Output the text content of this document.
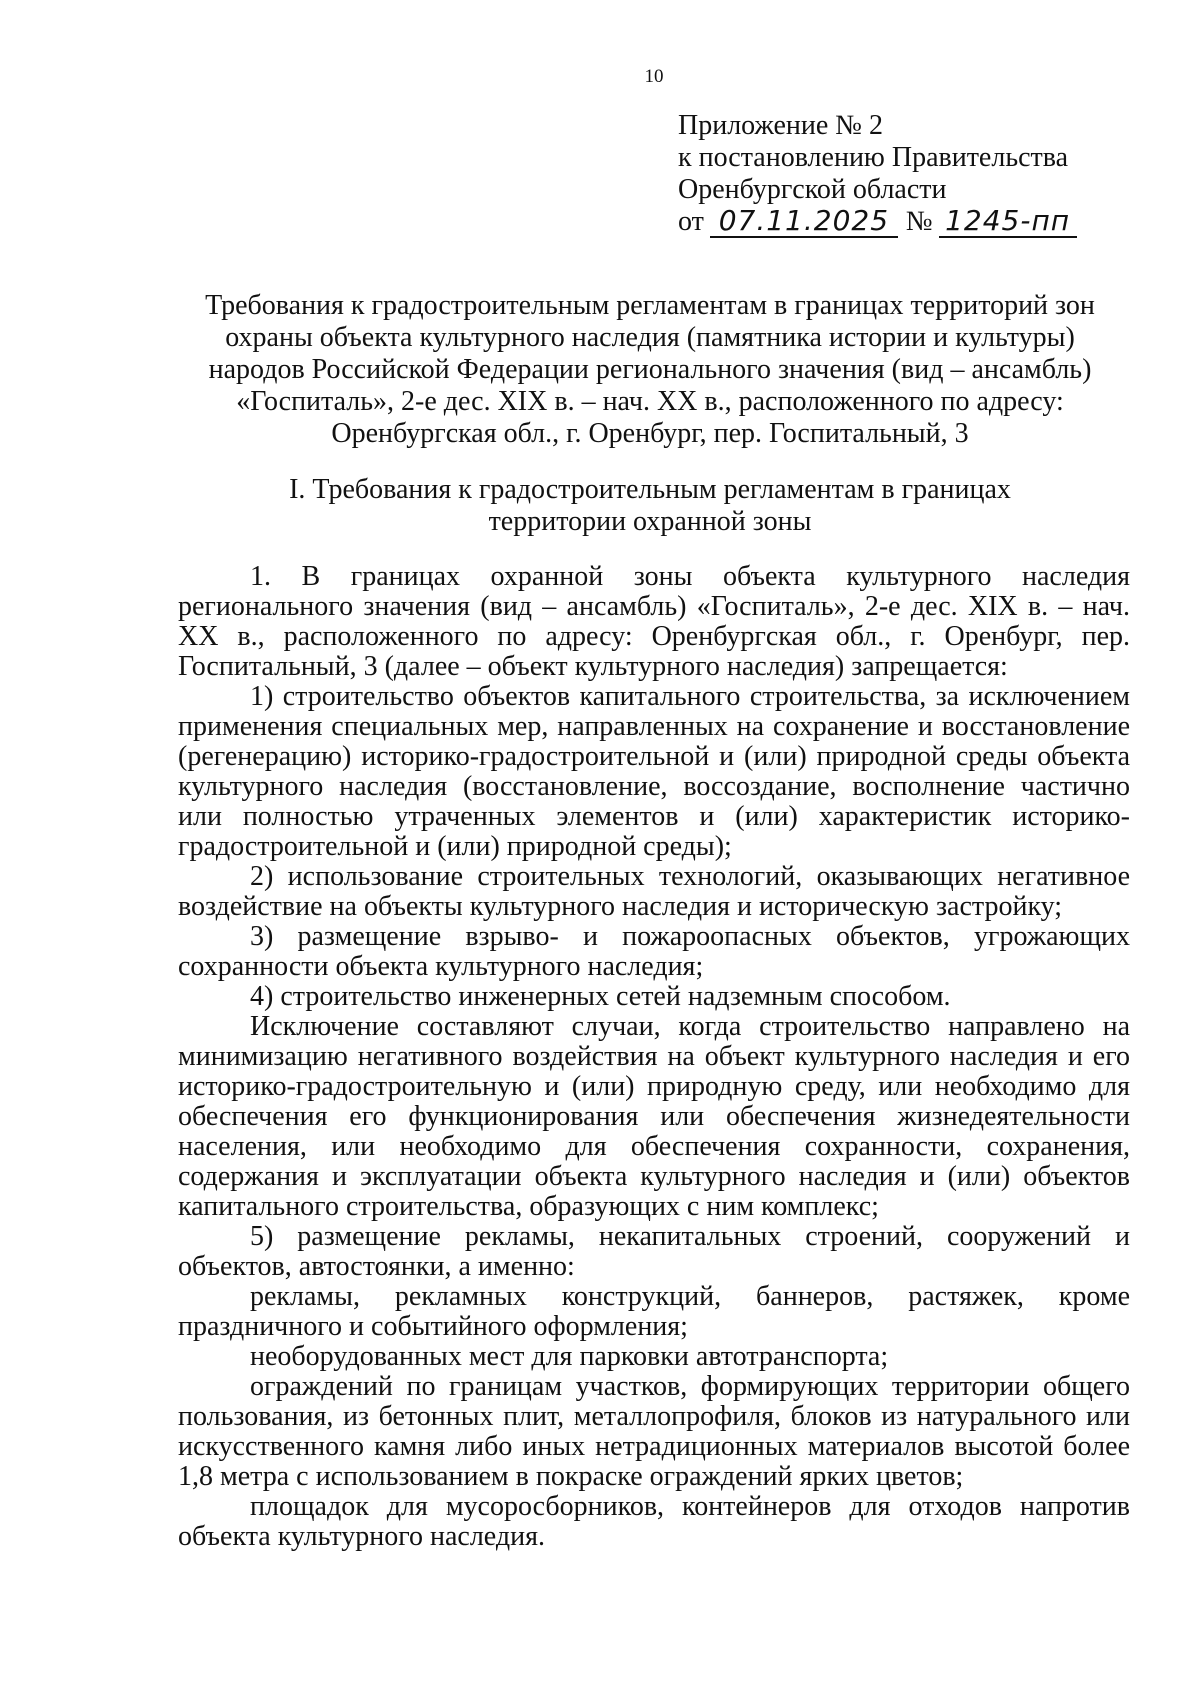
10
Приложение № 2
к постановлению Правительства
Оренбургской области
от 07.11.2025 № 1245-пп
Требования к градостроительным регламентам в границах территорий зон
охраны объекта культурного наследия (памятника истории и культуры)
народов Российской Федерации регионального значения (вид – ансамбль)
«Госпиталь», 2-е дес. XIX в. – нач. XX в., расположенного по адресу:
Оренбургская обл., г. Оренбург, пер. Госпитальный, 3
I. Требования к градостроительным регламентам в границах
территории охранной зоны

1. В границах охранной зоны объекта культурного наследия регионального значения (вид – ансамбль) «Госпиталь», 2-е дес. XIX в. – нач. XX в., расположенного по адресу: Оренбургская обл., г. Оренбург, пер. Госпитальный, 3 (далее – объект культурного наследия) запрещается:

1) строительство объектов капитального строительства, за исключением применения специальных мер, направленных на сохранение и восстановление (регенерацию) историко-градостроительной и (или) природной среды объекта культурного наследия (восстановление, воссоздание, восполнение частично или полностью утраченных элементов и (или) характеристик историко-градостроительной и (или) природной среды);

2) использование строительных технологий, оказывающих негативное воздействие на объекты культурного наследия и историческую застройку;

3) размещение взрыво- и пожароопасных объектов, угрожающих сохранности объекта культурного наследия;

4) строительство инженерных сетей надземным способом.

Исключение составляют случаи, когда строительство направлено на минимизацию негативного воздействия на объект культурного наследия и его историко-градостроительную и (или) природную среду, или необходимо для обеспечения его функционирования или обеспечения жизнедеятельности населения, или необходимо для обеспечения сохранности, сохранения, содержания и эксплуатации объекта культурного наследия и (или) объектов капитального строительства, образующих с ним комплекс;

5) размещение рекламы, некапитальных строений, сооружений и объектов, автостоянки, а именно:

рекламы, рекламных конструкций, баннеров, растяжек, кроме праздничного и событийного оформления;

необорудованных мест для парковки автотранспорта;

ограждений по границам участков, формирующих территории общего пользования, из бетонных плит, металлопрофиля, блоков из натурального или искусственного камня либо иных нетрадиционных материалов высотой более 1,8 метра с использованием в покраске ограждений ярких цветов;

площадок для мусоросборников, контейнеров для отходов напротив объекта культурного наследия.
